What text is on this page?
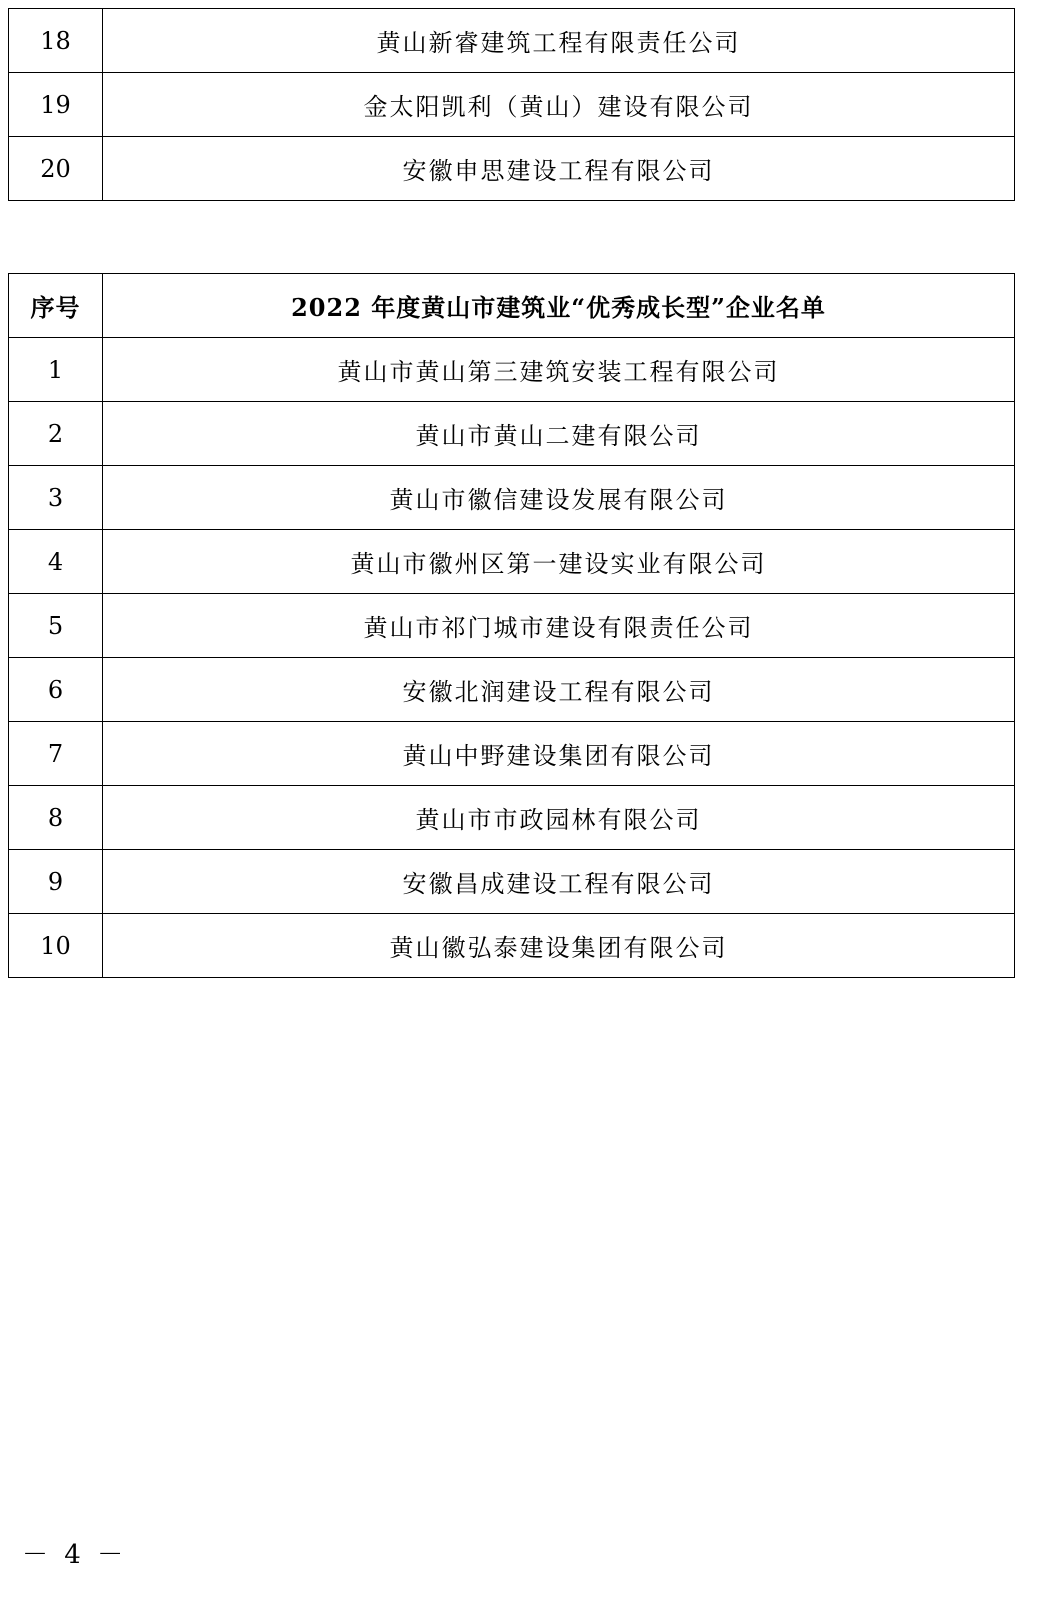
18	黄山新睿建筑工程有限责任公司
19	金太阳凯利（黄山）建设有限公司
20	安徽申思建设工程有限公司
序号	2022 年度黄山市建筑业“优秀成长型”企业名单
1	黄山市黄山第三建筑安装工程有限公司
2	黄山市黄山二建有限公司
3	黄山市徽信建设发展有限公司
4	黄山市徽州区第一建设实业有限公司
5	黄山市祁门城市建设有限责任公司
6	安徽北润建设工程有限公司
7	黄山中野建设集团有限公司
8	黄山市市政园林有限公司
9	安徽昌成建设工程有限公司
10	黄山徽弘泰建设集团有限公司
－ 4 －
